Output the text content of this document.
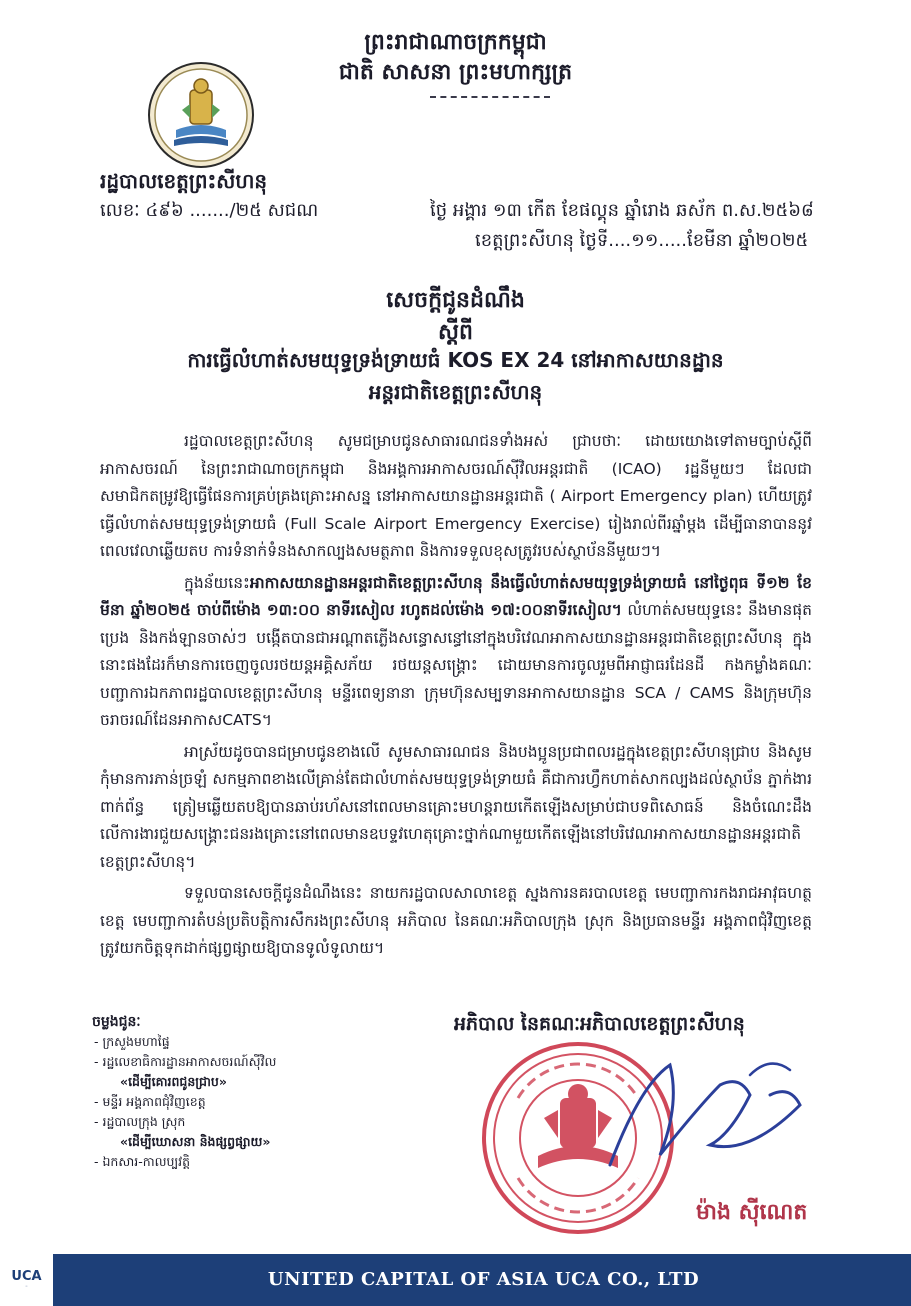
ព្រះរាជាណាចក្រកម្ពុជា
ជាតិ សាសនា ព្រះមហាក្សត្រ
រដ្ឋបាលខេត្តព្រះសីហនុ
លេខៈ ៤៩៦ ......./២៥ សជណ	ថ្ងៃ អង្គារ ១៣ កើត ខែផល្គុន ឆ្នាំរោង ឆស័ក ព.ស.២៥៦៨
ខេត្តព្រះសីហនុ ថ្ងៃទី....១១.....ខែមីនា ឆ្នាំ២០២៥
សេចក្តីជូនដំណឹង
ស្តីពី
ការធ្វើលំហាត់សមយុទ្ធទ្រង់ទ្រាយធំ KOS EX 24 នៅអាកាសយានដ្ឋាន
អន្តរជាតិខេត្តព្រះសីហនុ

រដ្ឋបាលខេត្តព្រះសីហនុ សូមជម្រាបជូនសាធារណជនទាំងអស់ ជ្រាបថាៈ ដោយយោងទៅតាមច្បាប់ស្តីពីអាកាសចរណ៍ នៃព្រះរាជាណាចក្រកម្ពុជា និងអង្គការអាកាសចរណ៍ស៊ីវិលអន្តរជាតិ (ICAO) រដ្ឋនីមួយៗ ដែលជាសមាជិកតម្រូវឱ្យធ្វើផែនការគ្រប់គ្រងគ្រោះអាសន្ន នៅអាកាសយានដ្ឋានអន្តរជាតិ ( Airport Emergency plan) ហើយត្រូវធ្វើលំហាត់សមយុទ្ធទ្រង់ទ្រាយធំ (Full Scale Airport Emergency Exercise) រៀងរាល់ពីរឆ្នាំម្តង ដើម្បីធានាបាននូវពេលវេលាឆ្លើយតប ការទំនាក់ទំនងសាកល្បងសមត្ថភាព និងការទទួលខុសត្រូវរបស់ស្ថាប័ននីមួយៗ។

ក្នុងន័យនេះអាកាសយានដ្ឋានអន្តរជាតិខេត្តព្រះសីហនុ នឹងធ្វើលំហាត់សមយុទ្ធទ្រង់ទ្រាយធំ នៅថ្ងៃពុធ ទី១២ ខែមីនា ឆ្នាំ២០២៥ ចាប់ពីម៉ោង ១៣:០០ នាទីរសៀល រហូតដល់ម៉ោង ១៧:០០នាទីរសៀល។ លំហាត់សមយុទ្ធនេះ នឹងមានផុតប្រេង និងកង់ឡានចាស់ៗ បង្កើតបានជាអណ្តាតភ្លើងសន្ធោសន្ធៅនៅក្នុងបរិវេណអាកាសយានដ្ឋានអន្តរជាតិខេត្តព្រះសីហនុ ក្នុងនោះផងដែរក៏មានការចេញចូលរថយន្តអគ្គិសភ័យ រថយន្តសង្គ្រោះ ដោយមានការចូលរួមពីអាជ្ញាធរដែនដី កងកម្លាំងគណៈបញ្ជាការឯកភាពរដ្ឋបាលខេត្តព្រះសីហនុ មន្ទីរពេទ្យនានា ក្រុមហ៊ុនសម្បទានអាកាសយានដ្ឋាន SCA / CAMS និងក្រុមហ៊ុនចរាចរណ៍ដែនអាកាសCATS។

អាស្រ័យដូចបានជម្រាបជូនខាងលើ សូមសាធារណជន និងបងប្អូនប្រជាពលរដ្ឋក្នុងខេត្តព្រះសីហនុជ្រាប និងសូមកុំមានការភាន់ច្រឡំ សកម្មភាពខាងលើគ្រាន់តែជាលំហាត់សមយុទ្ធទ្រង់ទ្រាយធំ គឺជាការហ្វឹកហាត់សាកល្បងដល់ស្ថាប័ន ភ្នាក់ងារពាក់ព័ន្ធ ត្រៀមឆ្លើយតបឱ្យបានឆាប់រហ័សនៅពេលមានគ្រោះមហន្តរាយកើតឡើងសម្រាប់ជាបទពិសោធន៍ និងចំណេះដឹងលើការងារជួយសង្គ្រោះជនរងគ្រោះនៅពេលមានឧបទ្ទវហេតុគ្រោះថ្នាក់ណាមួយកើតឡើងនៅបរិវេណអាកាសយានដ្ឋានអន្តរជាតិខេត្តព្រះសីហនុ។

ទទួលបានសេចក្តីជូនដំណឹងនេះ នាយករដ្ឋបាលសាលាខេត្ត ស្នងការនគរបាលខេត្ត មេបញ្ជាការកងរាជអាវុធហត្ថខេត្ត មេបញ្ជាការតំបន់ប្រតិបត្តិការសឹករងព្រះសីហនុ អភិបាល នៃគណៈអភិបាលក្រុង ស្រុក និងប្រធានមន្ទីរ អង្គភាពជុំវិញខេត្ត ត្រូវយកចិត្តទុកដាក់ផ្សព្វផ្សាយឱ្យបានទូលំទូលាយ។

ចម្លងជូនៈ
- ក្រសួងមហាផ្ទៃ
- រដ្ឋលេខាធិការដ្ឋានអាកាសចរណ៍ស៊ីវិល
«ដើម្បីគោរពជូនជ្រាប»
- មន្ទីរ អង្គភាពជុំវិញខេត្ត
- រដ្ឋបាលក្រុង ស្រុក
«ដើម្បីឃោសនា និងផ្សព្វផ្សាយ»
- ឯកសារ-កាលប្បវត្តិ
អភិបាល នៃគណៈអភិបាលខេត្តព្រះសីហនុ
ម៉ាង ស៊ីណេត
UCA
◦	UNITED CAPITAL OF ASIA UCA CO., LTD
